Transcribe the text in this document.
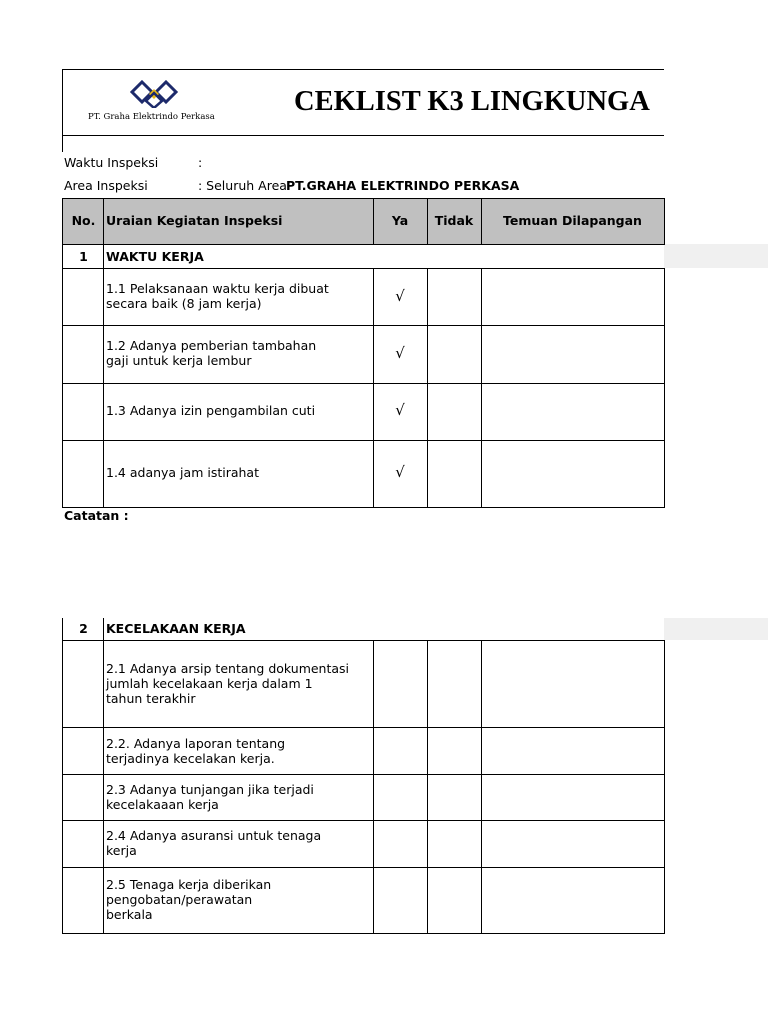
PT. Graha Elektrindo Perkasa	CEKLIST K3 LINGKUNGA
Waktu Inspeksi	:
Area Inspeksi	: Seluruh Area PT.GRAHA ELEKTRINDO PERKASA
No. Uraian Kegiatan Inspeksi	Ya	Tidak	Temuan Dilapangan
1	WAKTU KERJA
1.1 Pelaksanaan waktu kerja dibuat
secara baik (8 jam kerja)	√
1.2 Adanya pemberian tambahan
gaji untuk kerja lembur	√
1.3 Adanya izin pengambilan cuti	√
1.4 adanya jam istirahat	√
Catatan :
2	KECELAKAAN KERJA
2.1 Adanya arsip tentang dokumentasi
jumlah kecelakaan kerja dalam 1
tahun terakhir
2.2. Adanya laporan tentang
terjadinya kecelakan kerja.
2.3 Adanya tunjangan jika terjadi
kecelakaaan kerja
2.4 Adanya asuransi untuk tenaga
kerja
2.5 Tenaga kerja diberikan
pengobatan/perawatan
berkala
